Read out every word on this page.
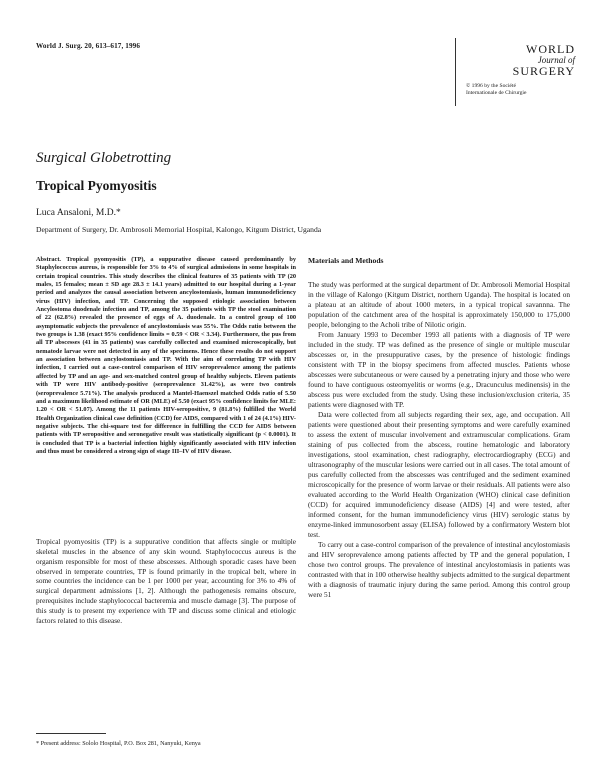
World J. Surg. 20, 613–617, 1996	WORLD
Journal of
SURGERY
© 1996 by the Société
Internationale de Chirurgie
Surgical Globetrotting
Tropical Pyomyositis
Luca Ansaloni, M.D.*
Department of Surgery, Dr. Ambrosoli Memorial Hospital, Kalongo, Kitgum District, Uganda

Abstract. Tropical pyomyositis (TP), a suppurative disease caused predominantly by Staphylococcus aureus, is responsible for 3% to 4% of surgical admissions in some hospitals in certain tropical countries. This study describes the clinical features of 35 patients with TP (20 males, 15 females; mean ± SD age 28.3 ± 14.1 years) admitted to our hospital during a 1-year period and analyzes the causal association between ancylostomiasis, human immunodeficiency virus (HIV) infection, and TP. Concerning the supposed etiologic association between Ancylostoma duodenale infection and TP, among the 35 patients with TP the stool examination of 22 (62.8%) revealed the presence of eggs of A. duodenale. In a control group of 100 asymptomatic subjects the prevalence of ancylostomiasis was 55%. The Odds ratio between the two groups is 1.38 (exact 95% confidence limits = 0.59 < OR < 3.34). Furthermore, the pus from all TP abscesses (41 in 35 patients) was carefully collected and examined microscopically, but nematode larvae were not detected in any of the specimens. Hence these results do not support an association between ancylostomiasis and TP. With the aim of correlating TP with HIV infection, I carried out a case-control comparison of HIV seroprevalence among the patients affected by TP and an age- and sex-matched control group of healthy subjects. Eleven patients with TP were HIV antibody-positive (seroprevalence 31.42%), as were two controls (seroprevalence 5.71%). The analysis produced a Mantel-Haenszel matched Odds ratio of 5.50 and a maximum likelihood estimate of OR (MLE) of 5.50 (exact 95% confidence limits for MLE: 1.20 < OR < 51.07). Among the 11 patients HIV-seropositive, 9 (81.8%) fulfilled the World Health Organization clinical case definition (CCD) for AIDS, compared with 1 of 24 (4.1%) HIV-negative subjects. The chi-square test for difference in fulfilling the CCD for AIDS between patients with TP seropositive and seronegative result was statistically significant (p < 0.0001). It is concluded that TP is a bacterial infection highly significantly associated with HIV infection and thus must be considered a strong sign of stage III–IV of HIV disease.

Tropical pyomyositis (TP) is a suppurative condition that affects single or multiple skeletal muscles in the absence of any skin wound. Staphylococcus aureus is the organism responsible for most of these abscesses. Although sporadic cases have been observed in temperate countries, TP is found primarily in the tropical belt, where in some countries the incidence can be 1 per 1000 per year, accounting for 3% to 4% of surgical department admissions [1, 2]. Although the pathogenesis remains obscure, prerequisites include staphylococcal bacteremia and muscle damage [3]. The purpose of this study is to present my experience with TP and discuss some clinical and etiologic factors related to this disease.

Materials and Methods

The study was performed at the surgical department of Dr. Ambrosoli Memorial Hospital in the village of Kalongo (Kitgum District, northern Uganda). The hospital is located on a plateau at an altitude of about 1000 meters, in a typical tropical savannna. The population of the catchment area of the hospital is approximately 150,000 to 175,000 people, belonging to the Acholi tribe of Nilotic origin.

From January 1993 to December 1993 all patients with a diagnosis of TP were included in the study. TP was defined as the presence of single or multiple muscular abscesses or, in the presuppurative cases, by the presence of histologic findings consistent with TP in the biopsy specimens from affected muscles. Patients whose abscesses were subcutaneous or were caused by a penetrating injury and those who were found to have contiguous osteomyelitis or worms (e.g., Dracunculus medinensis) in the abscess pus were excluded from the study. Using these inclusion/exclusion criteria, 35 patients were diagnosed with TP.

Data were collected from all subjects regarding their sex, age, and occupation. All patients were questioned about their presenting symptoms and were carefully examined to assess the extent of muscular involvement and extramuscular complications. Gram staining of pus collected from the abscess, routine hematologic and laboratory investigations, stool examination, chest radiography, electrocardiography (ECG) and ultrasonography of the muscular lesions were carried out in all cases. The total amount of pus carefully collected from the abscesses was centrifuged and the sediment examined microscopically for the presence of worm larvae or their residuals. All patients were also evaluated according to the World Health Organization (WHO) clinical case definition (CCD) for acquired immunodeficiency disease (AIDS) [4] and were tested, after informed consent, for the human immunodeficiency virus (HIV) serologic status by enzyme-linked immunosorbent assay (ELISA) followed by a confirmatory Western blot test.

To carry out a case-control comparison of the prevalence of intestinal ancylostomiasis and HIV seroprevalence among patients affected by TP and the general population, I chose two control groups. The prevalence of intestinal ancylostomiasis in patients was contrasted with that in 100 otherwise healthy subjects admitted to the surgical department with a diagnosis of traumatic injury during the same period. Among this control group were 51

* Present address: Sololo Hospital, P.O. Box 281, Nanyuki, Kenya
